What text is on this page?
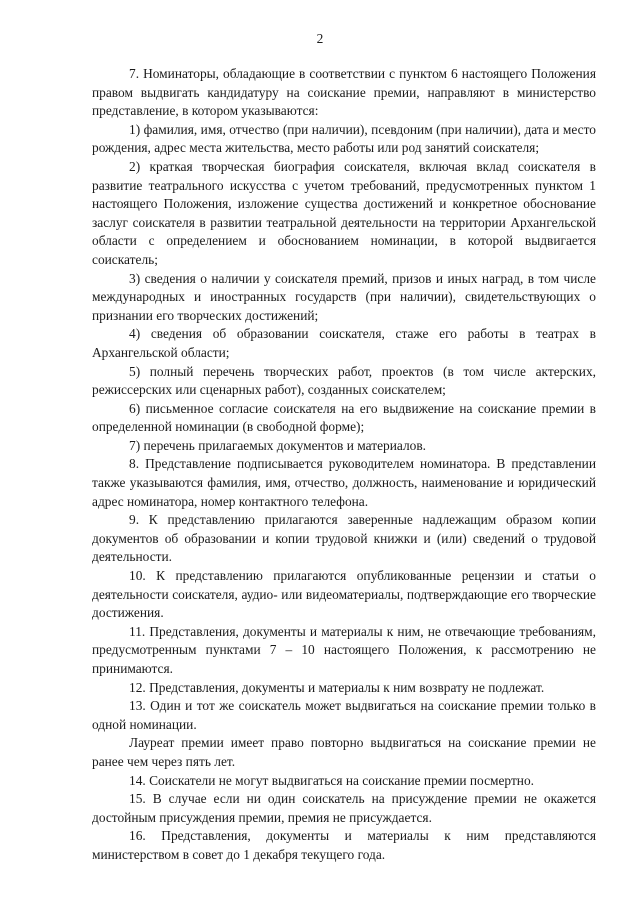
2

7. Номинаторы, обладающие в соответствии с пунктом 6 настоящего Положения правом выдвигать кандидатуру на соискание премии, направляют в министерство представление, в котором указываются:

1) фамилия, имя, отчество (при наличии), псевдоним (при наличии), дата и место рождения, адрес места жительства, место работы или род занятий соискателя;

2) краткая творческая биография соискателя, включая вклад соискателя в развитие театрального искусства с учетом требований, предусмотренных пунктом 1 настоящего Положения, изложение существа достижений и конкретное обоснование заслуг соискателя в развитии театральной деятельности на территории Архангельской области с определением и обоснованием номинации, в которой выдвигается соискатель;

3) сведения о наличии у соискателя премий, призов и иных наград, в том числе международных и иностранных государств (при наличии), свидетельствующих о признании его творческих достижений;

4) сведения об образовании соискателя, стаже его работы в театрах в Архангельской области;

5) полный перечень творческих работ, проектов (в том числе актерских, режиссерских или сценарных работ), созданных соискателем;

6) письменное согласие соискателя на его выдвижение на соискание премии в определенной номинации (в свободной форме);

7) перечень прилагаемых документов и материалов.

8. Представление подписывается руководителем номинатора. В представлении также указываются фамилия, имя, отчество, должность, наименование и юридический адрес номинатора, номер контактного телефона.

9. К представлению прилагаются заверенные надлежащим образом копии документов об образовании и копии трудовой книжки и (или) сведений о трудовой деятельности.

10. К представлению прилагаются опубликованные рецензии и статьи о деятельности соискателя, аудио- или видеоматериалы, подтверждающие его творческие достижения.

11. Представления, документы и материалы к ним, не отвечающие требованиям, предусмотренным пунктами 7 – 10 настоящего Положения, к рассмотрению не принимаются.

12. Представления, документы и материалы к ним возврату не подлежат.

13. Один и тот же соискатель может выдвигаться на соискание премии только в одной номинации.

Лауреат премии имеет право повторно выдвигаться на соискание премии не ранее чем через пять лет.

14. Соискатели не могут выдвигаться на соискание премии посмертно.

15. В случае если ни один соискатель на присуждение премии не окажется достойным присуждения премии, премия не присуждается.

16. Представления, документы и материалы к ним представляются министерством в совет до 1 декабря текущего года.
